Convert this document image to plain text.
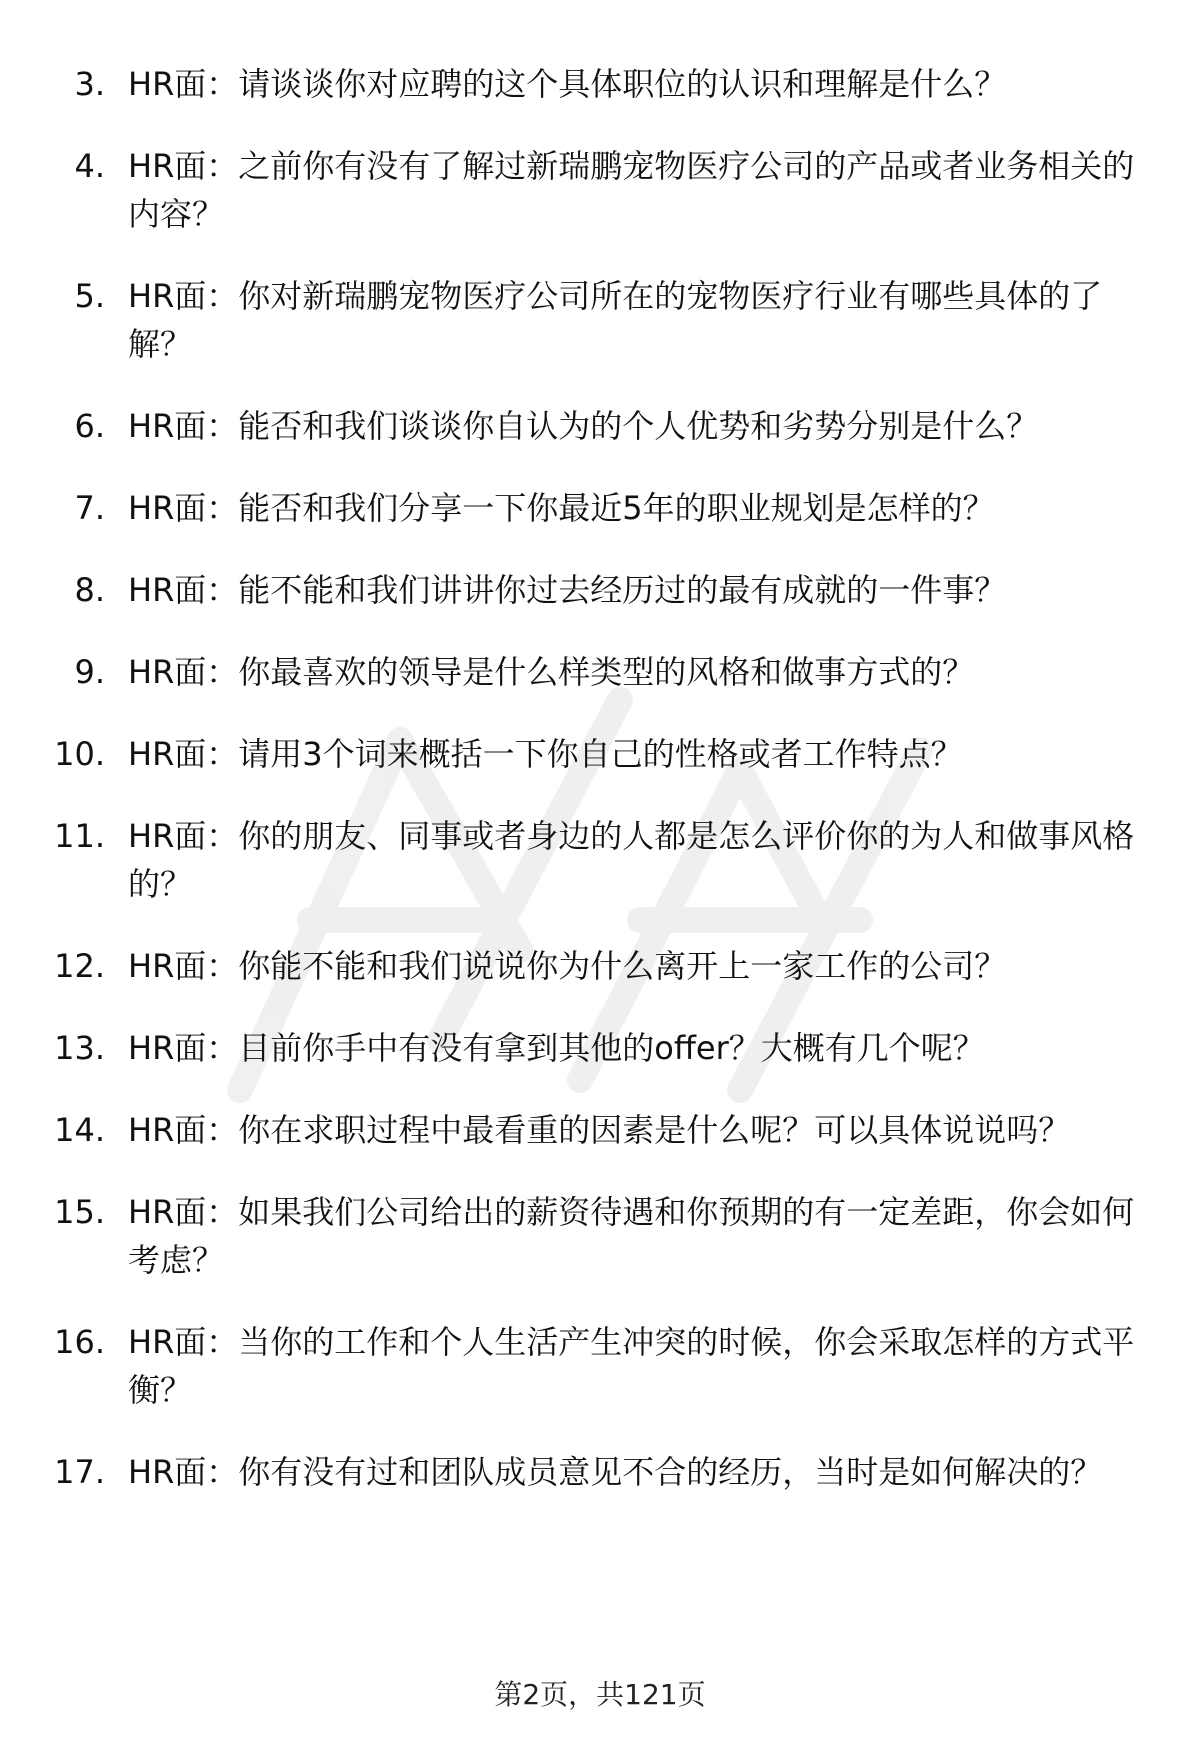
3. HR面：请谈谈你对应聘的这个具体职位的认识和理解是什么？
4. HR面：之前你有没有了解过新瑞鹏宠物医疗公司的产品或者业务相关的内容？
5. HR面：你对新瑞鹏宠物医疗公司所在的宠物医疗行业有哪些具体的了解？
6. HR面：能否和我们谈谈你自认为的个人优势和劣势分别是什么？
7. HR面：能否和我们分享一下你最近5年的职业规划是怎样的？
8. HR面：能不能和我们讲讲你过去经历过的最有成就的一件事？
9. HR面：你最喜欢的领导是什么样类型的风格和做事方式的？
10. HR面：请用3个词来概括一下你自己的性格或者工作特点？
11. HR面：你的朋友、同事或者身边的人都是怎么评价你的为人和做事风格的？
12. HR面：你能不能和我们说说你为什么离开上一家工作的公司？
13. HR面：目前你手中有没有拿到其他的offer？大概有几个呢？
14. HR面：你在求职过程中最看重的因素是什么呢？可以具体说说吗？
15. HR面：如果我们公司给出的薪资待遇和你预期的有一定差距，你会如何考虑？
16. HR面：当你的工作和个人生活产生冲突的时候，你会采取怎样的方式平衡？
17. HR面：你有没有过和团队成员意见不合的经历，当时是如何解决的？
第2页，共121页
